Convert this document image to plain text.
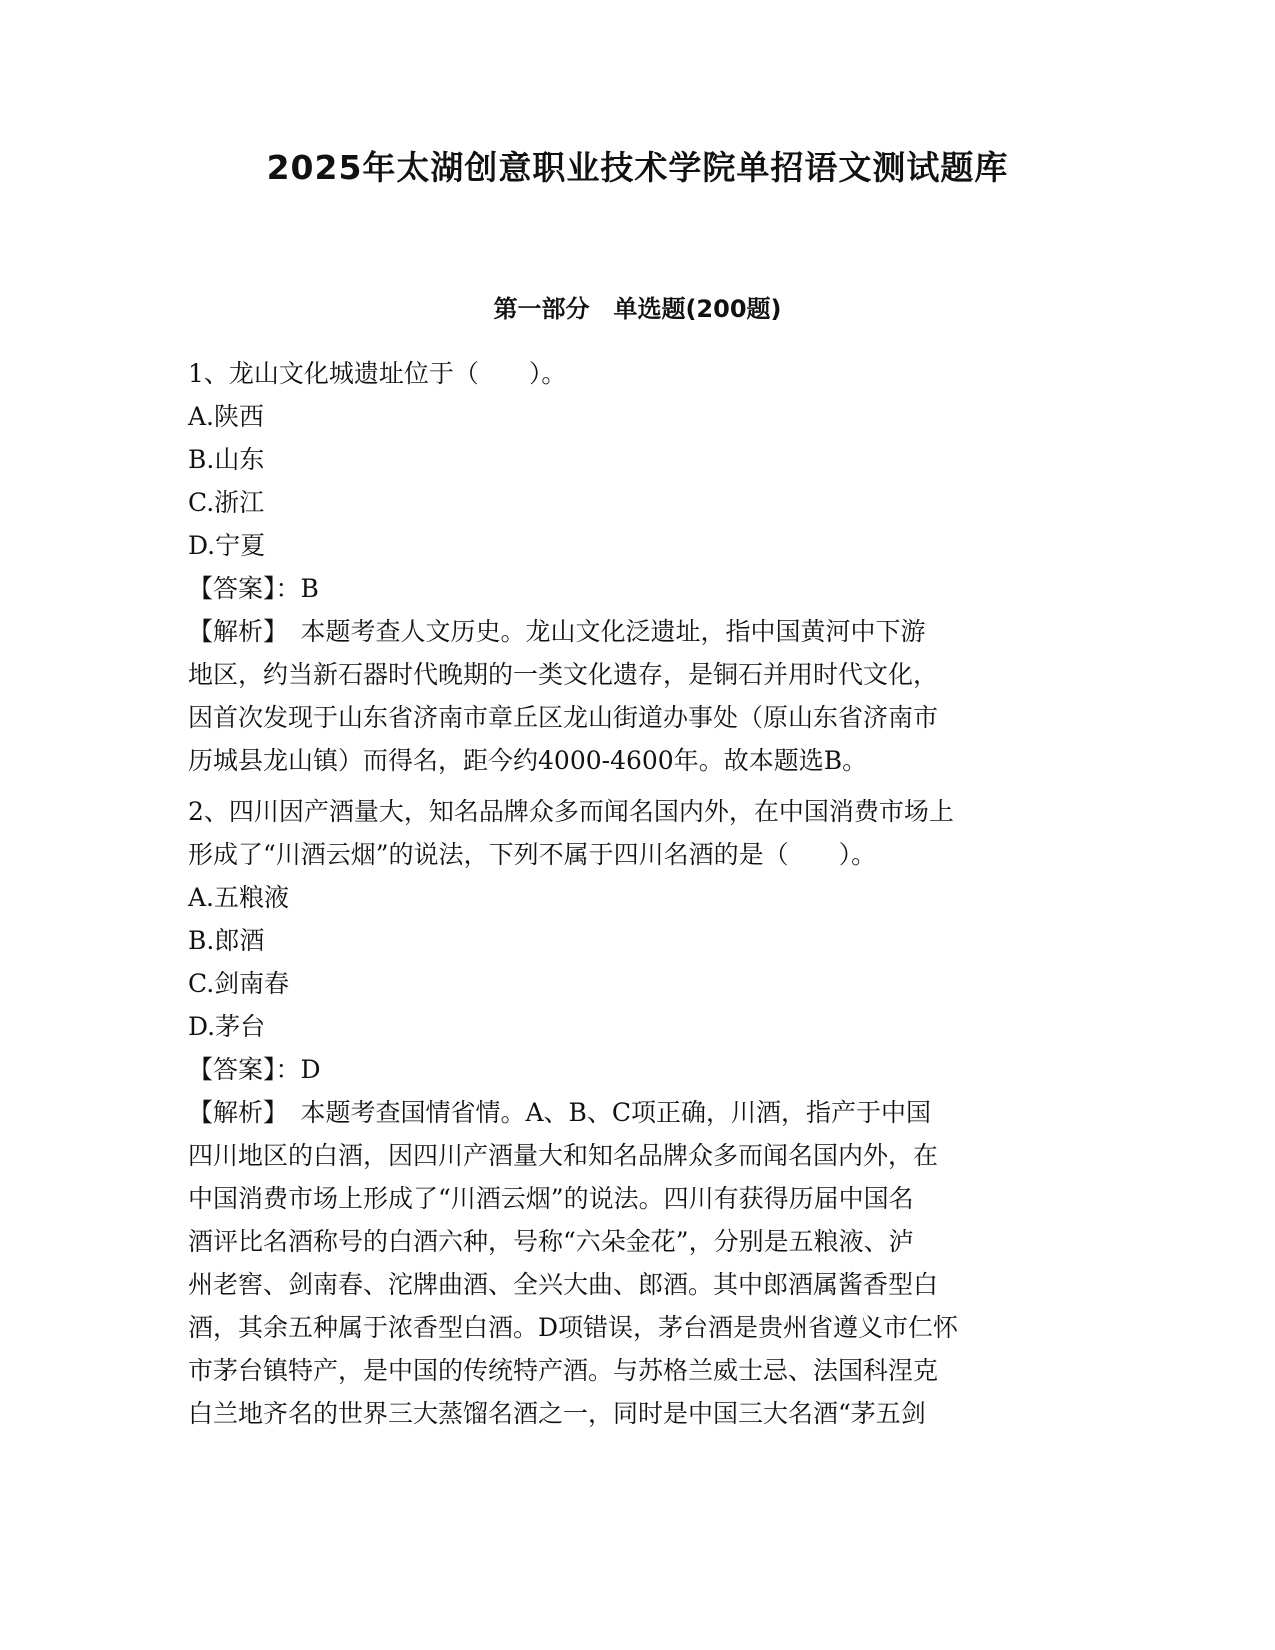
2025年太湖创意职业技术学院单招语文测试题库
第一部分　单选题(200题)
1、龙山文化城遗址位于（　　）。
A.陕西
B.山东
C.浙江
D.宁夏
【答案】：B
【解析】　本题考查人文历史。龙山文化泛遗址，指中国黄河中下游
地区，约当新石器时代晚期的一类文化遗存，是铜石并用时代文化，
因首次发现于山东省济南市章丘区龙山街道办事处（原山东省济南市
历城县龙山镇）而得名，距今约4000-4600年。故本题选B。
2、四川因产酒量大，知名品牌众多而闻名国内外，在中国消费市场上
形成了“川酒云烟”的说法，下列不属于四川名酒的是（　　）。
A.五粮液
B.郎酒
C.剑南春
D.茅台
【答案】：D
【解析】　本题考查国情省情。A、B、C项正确，川酒，指产于中国
四川地区的白酒，因四川产酒量大和知名品牌众多而闻名国内外，在
中国消费市场上形成了“川酒云烟”的说法。四川有获得历届中国名
酒评比名酒称号的白酒六种，号称“六朵金花”，分别是五粮液、泸
州老窖、剑南春、沱牌曲酒、全兴大曲、郎酒。其中郎酒属酱香型白
酒，其余五种属于浓香型白酒。D项错误，茅台酒是贵州省遵义市仁怀
市茅台镇特产，是中国的传统特产酒。与苏格兰威士忌、法国科涅克
白兰地齐名的世界三大蒸馏名酒之一，同时是中国三大名酒“茅五剑
